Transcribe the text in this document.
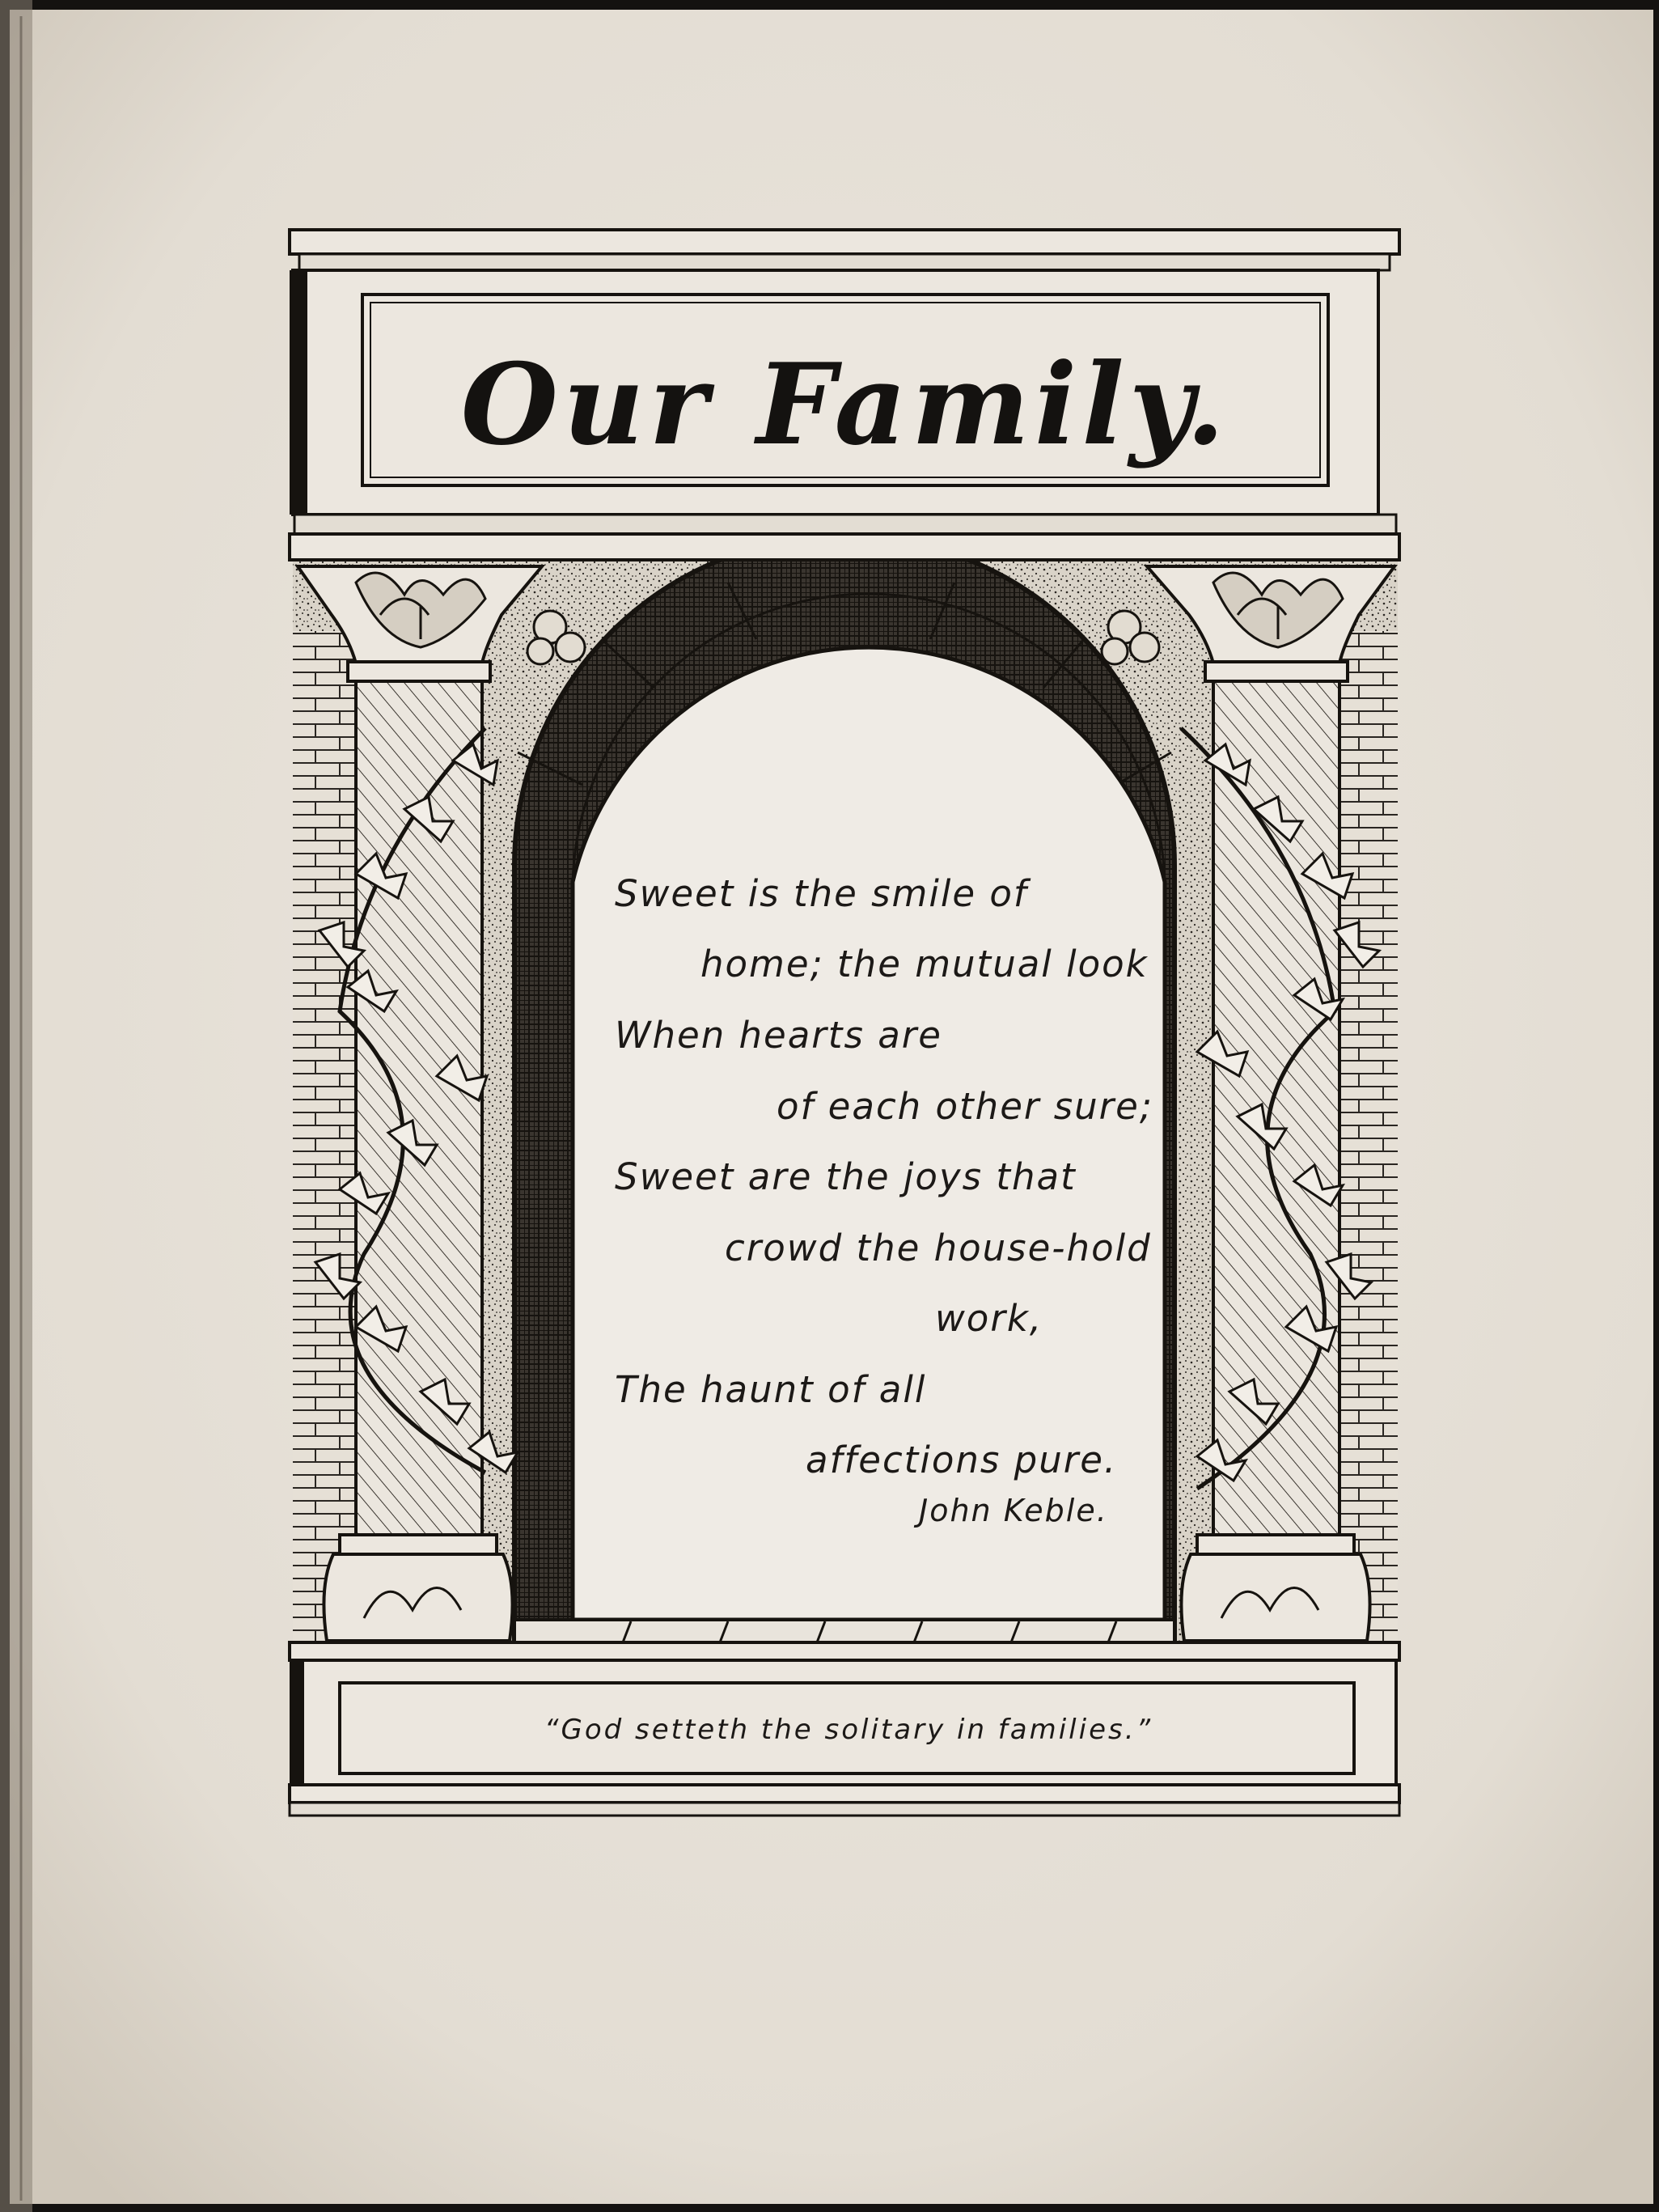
Our Family.
Sweet is the smile of
home; the mutual look
When hearts are
of each other sure;
Sweet are the joys that
crowd the house-hold
work,
The haunt of all
affections pure.
John Keble.
“God setteth the solitary in families.”
